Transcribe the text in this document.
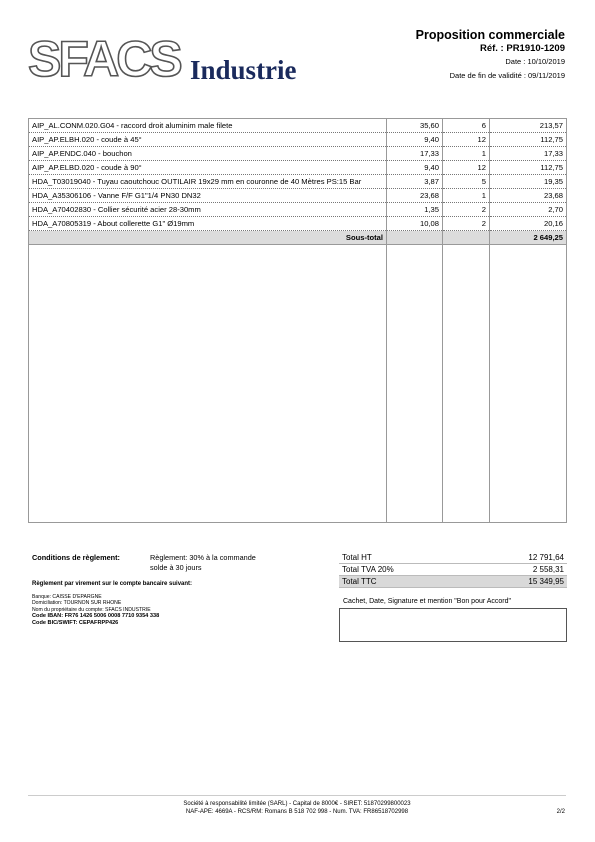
SFACS Industrie
Proposition commerciale
Réf. : PR1910-1209
Date : 10/10/2019
Date de fin de validité : 09/11/2019
AIP_AL.CONM.020.G04 - raccord droit aluminim male filete	35,60	6	213,57
AIP_AP.ELBH.020 - coude à 45°	9,40	12	112,75
AIP_AP.ENDC.040 - bouchon	17,33	1	17,33
AIP_AP.ELBD.020 - coude à 90°	9,40	12	112,75
HDA_T03019040 - Tuyau caoutchouc OUTILAIR 19x29 mm en couronne de 40 Mètres PS:15 Bar	3,87	5	19,35
HDA_A35306106 - Vanne F/F G1"1/4 PN30 DN32	23,68	1	23,68
HDA_A70402830 - Collier sécurité acier 28-30mm	1,35	2	2,70
HDA_A70805319 - About collerette G1" Ø19mm	10,08	2	20,16
Sous-total			2 649,25

Conditions de règlement:	Règlement: 30% à la commande
solde à 30 jours
Règlement par virement sur le compte bancaire suivant:
Banque: CAISSE D'EPARGNE
Domiciliation: TOURNON SUR RHONE
Nom du propriétaire du compte: SFACS INDUSTRIE
Code IBAN: FR76 1426 5006 0008 7710 9354 338
Code BIC/SWIFT: CEPAFRPP426
Total HT	12 791,64
Total TVA 20%	2 558,31
Total TTC	15 349,95
Cachet, Date, Signature et mention "Bon pour Accord"
Société à responsabilité limitée (SARL) - Capital de 8000€ - SIRET: 51870299800023
NAF-APE: 4669A - RCS/RM: Romans B 518 702 998 - Num. TVA: FR86518702998	2/2
